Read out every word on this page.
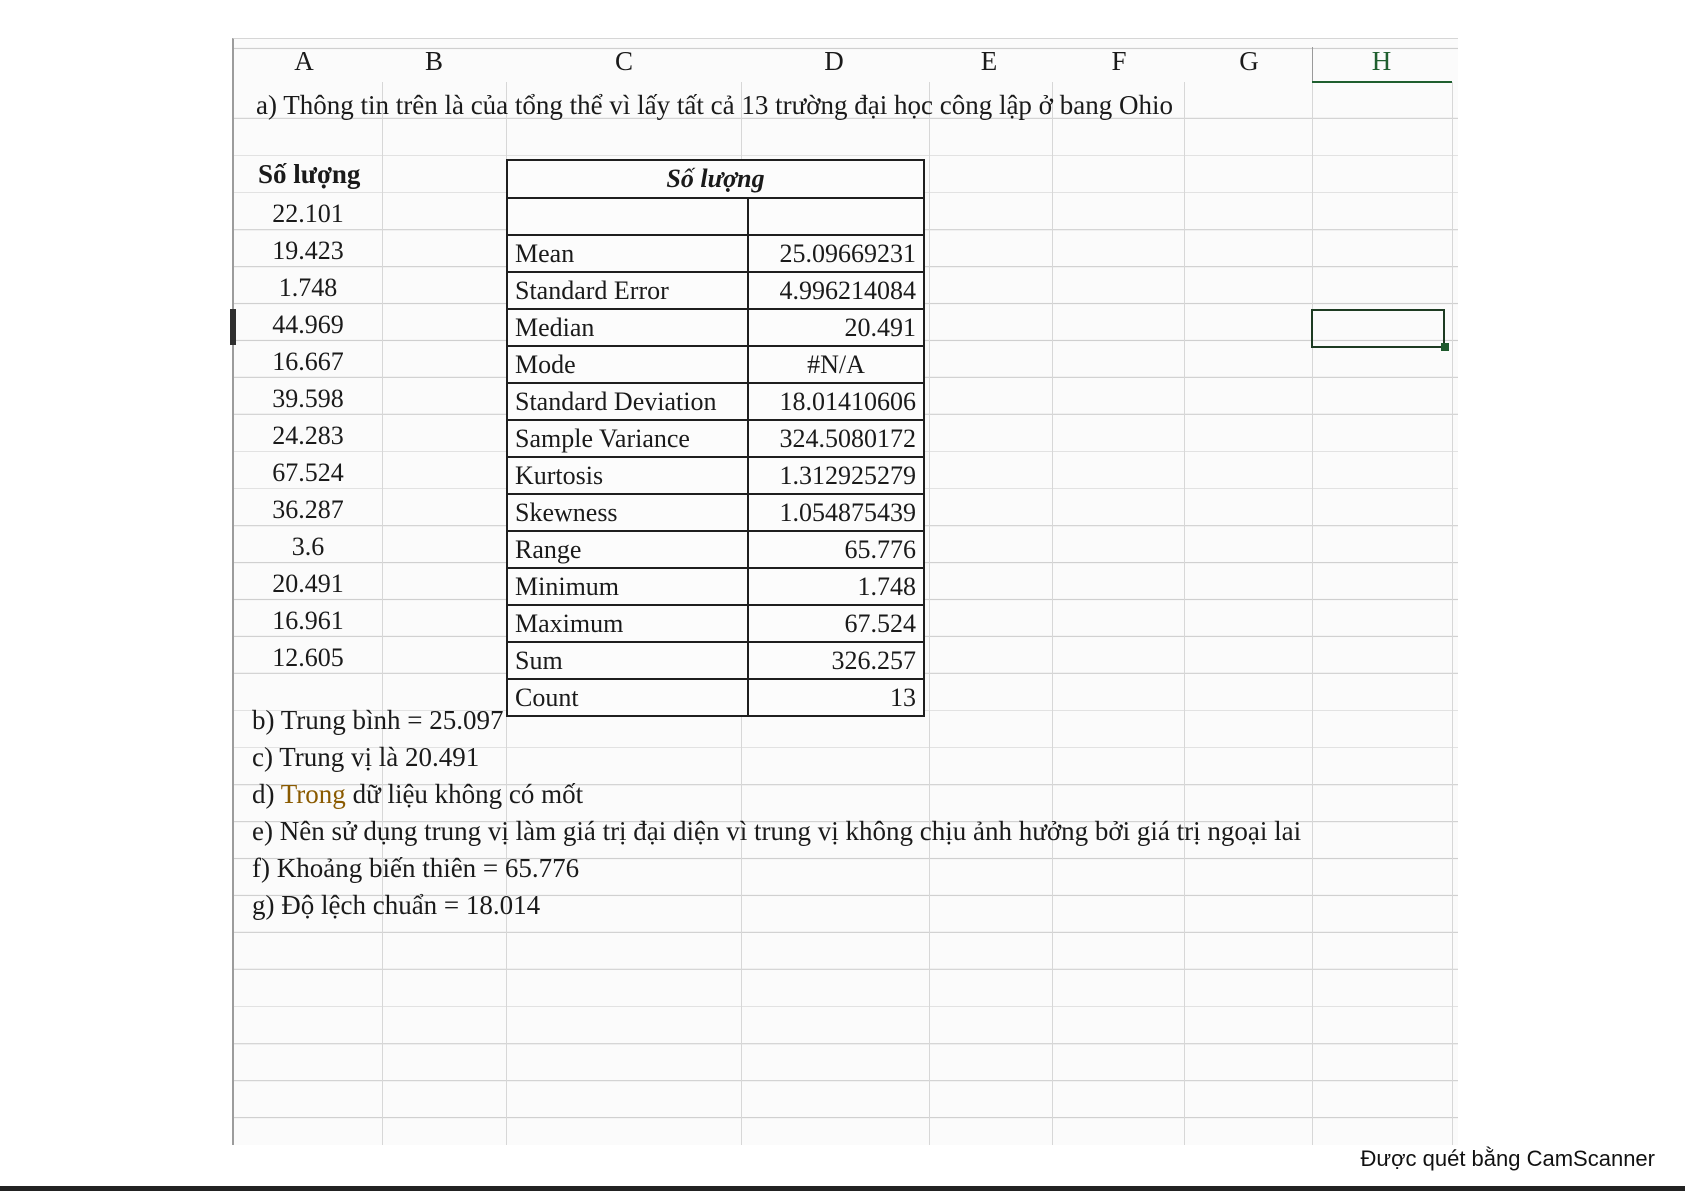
A	B	C	D	E	F	G	H
a) Thông tin trên là của tổng thể vì lấy tất cả 13 trường đại học công lập ở bang Ohio
Số lượng
22.101
19.423
1.748
44.969
16.667
39.598
24.283
67.524
36.287
3.6
20.491
16.961
12.605
Số lượng	

Mean	25.09669231
Standard Error	4.996214084
Median	20.491
Mode	#N/A
Standard Deviation	18.01410606
Sample Variance	324.5080172
Kurtosis	1.312925279
Skewness	1.054875439
Range	65.776
Minimum	1.748
Maximum	67.524
Sum	326.257
Count	13
b) Trung bình = 25.097
c) Trung vị là 20.491
d) Trong dữ liệu không có mốt
e) Nên sử dụng trung vị làm giá trị đại diện vì trung vị không chịu ảnh hưởng bởi giá trị ngoại lai
f) Khoảng biến thiên = 65.776
g) Độ lệch chuẩn = 18.014
Được quét bằng CamScanner
